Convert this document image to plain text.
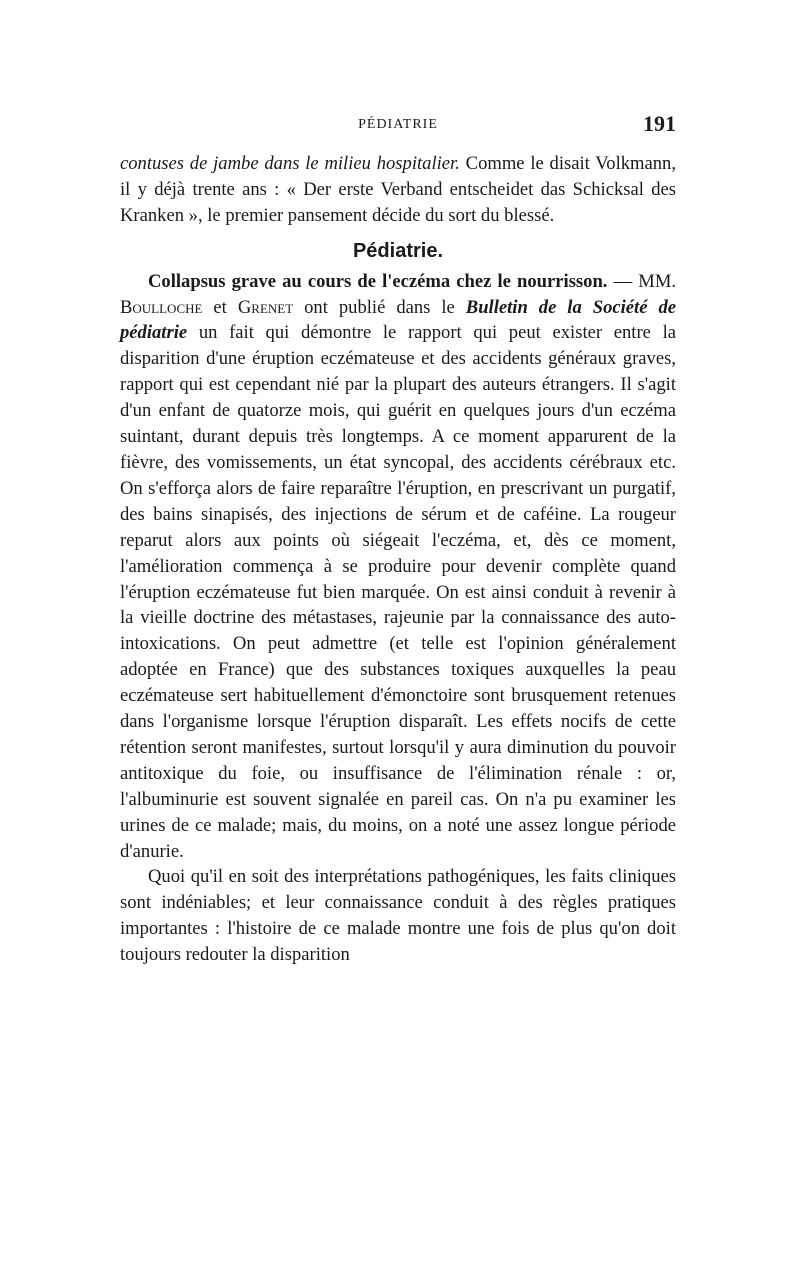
PÉDIATRIE	191

contuses de jambe dans le milieu hospitalier. Comme le disait Volkmann, il y déjà trente ans : « Der erste Verband entscheidet das Schicksal des Kranken », le premier pansement décide du sort du blessé.

Pédiatrie.

Collapsus grave au cours de l'eczéma chez le nourrisson. — MM. Boulloche et Grenet ont publié dans le Bulletin de la Société de pédiatrie un fait qui démontre le rapport qui peut exister entre la disparition d'une éruption eczémateuse et des accidents généraux graves, rapport qui est cependant nié par la plupart des auteurs étrangers. Il s'agit d'un enfant de quatorze mois, qui guérit en quelques jours d'un eczéma suintant, durant depuis très longtemps. A ce moment apparurent de la fièvre, des vomissements, un état syncopal, des accidents cérébraux etc. On s'efforça alors de faire reparaître l'éruption, en prescrivant un purgatif, des bains sinapisés, des injections de sérum et de caféine. La rougeur reparut alors aux points où siégeait l'eczéma, et, dès ce moment, l'amélioration commença à se produire pour devenir complète quand l'éruption eczémateuse fut bien marquée. On est ainsi conduit à revenir à la vieille doctrine des métastases, rajeunie par la connaissance des auto-intoxications. On peut admettre (et telle est l'opinion généralement adoptée en France) que des substances toxiques auxquelles la peau eczémateuse sert habituellement d'émonctoire sont brusquement retenues dans l'organisme lorsque l'éruption disparaît. Les effets nocifs de cette rétention seront manifestes, surtout lorsqu'il y aura diminution du pouvoir antitoxique du foie, ou insuffisance de l'élimination rénale : or, l'albuminurie est souvent signalée en pareil cas. On n'a pu examiner les urines de ce malade; mais, du moins, on a noté une assez longue période d'anurie.

Quoi qu'il en soit des interprétations pathogéniques, les faits cliniques sont indéniables; et leur connaissance conduit à des règles pratiques importantes : l'histoire de ce malade montre une fois de plus qu'on doit toujours redouter la disparition
